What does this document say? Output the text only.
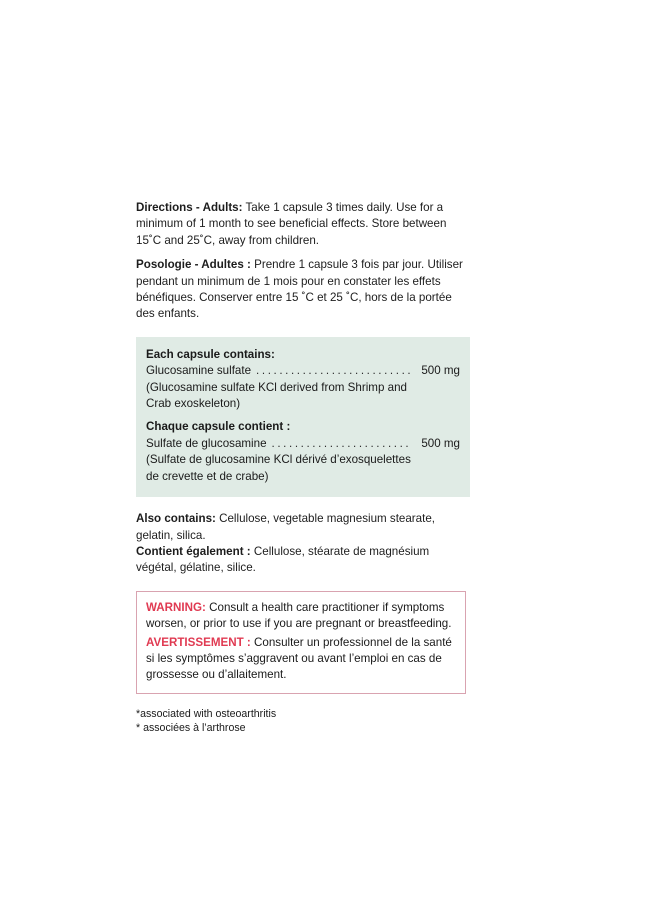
Directions - Adults: Take 1 capsule 3 times daily. Use for a minimum of 1 month to see beneficial effects. Store between 15˚C and 25˚C, away from children.

Posologie - Adultes : Prendre 1 capsule 3 fois par jour. Utiliser pendant un minimum de 1 mois pour en constater les effets bénéfiques. Conserver entre 15 ˚C et 25 ˚C, hors de la portée des enfants.

Each capsule contains:

Glucosamine sulfate ........................... 500 mg

(Glucosamine sulfate KCl derived from Shrimp and

Crab exoskeleton)

Chaque capsule contient :

Sulfate de glucosamine ........................ 500 mg

(Sulfate de glucosamine KCl dérivé d’exosquelettes

de crevette et de crabe)

Also contains: Cellulose, vegetable magnesium stearate, gelatin, silica.

Contient également : Cellulose, stéarate de magnésium végétal, gélatine, silice.

WARNING: Consult a health care practitioner if symptoms worsen, or prior to use if you are pregnant or breastfeeding.

AVERTISSEMENT : Consulter un professionnel de la santé si les symptômes s’aggravent ou avant l’emploi en cas de grossesse ou d’allaitement.

*associated with osteoarthritis

* associées à l’arthrose
